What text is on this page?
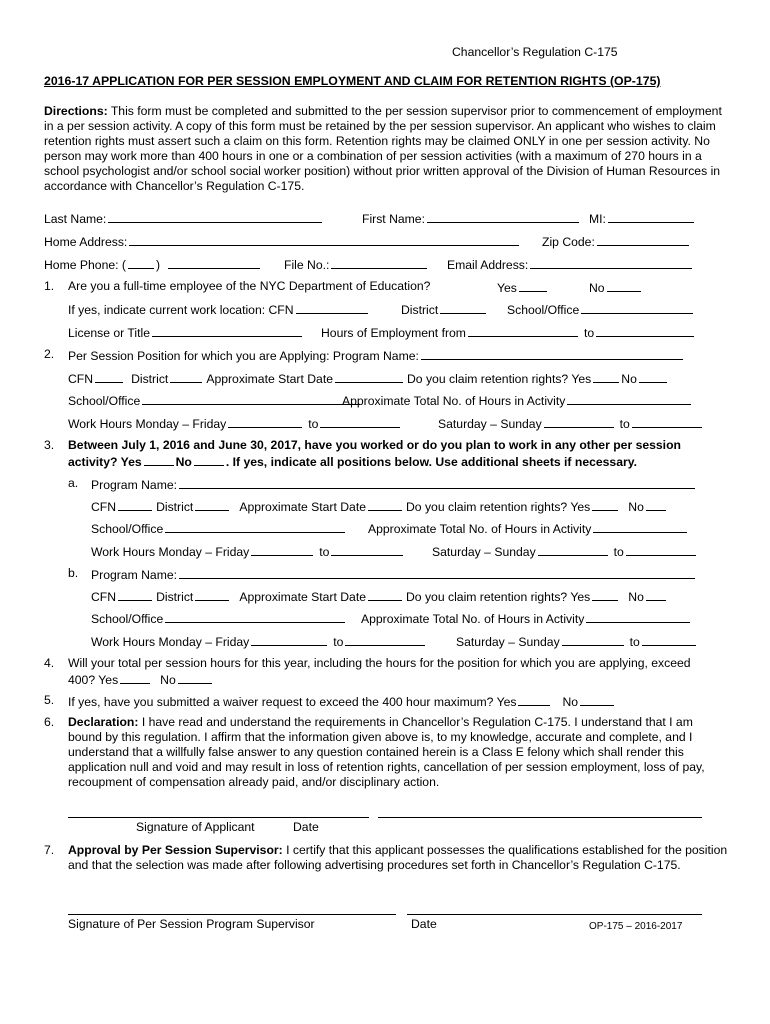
Chancellor’s Regulation C-175
2016-17 APPLICATION FOR PER SESSION EMPLOYMENT AND CLAIM FOR RETENTION RIGHTS (OP-175)
Directions: This form must be completed and submitted to the per session supervisor prior to commencement of employment in a per session activity. A copy of this form must be retained by the per session supervisor. An applicant who wishes to claim retention rights must assert such a claim on this form. Retention rights may be claimed ONLY in one per session activity. No person may work more than 400 hours in one or a combination of per session activities (with a maximum of 270 hours in a school psychologist and/or school social worker position) without prior written approval of the Division of Human Resources in accordance with Chancellor’s Regulation C-175.
Last Name:	First Name:	MI:
Home Address:	Zip Code:
Home Phone: ( )	File No.:	Email Address:
1. Are you a full-time employee of the NYC Department of Education?	Yes	No
If yes, indicate current work location: CFN	District	School/Office
License or Title	Hours of Employment from	to
2. Per Session Position for which you are Applying: Program Name:
CFN	District	Approximate Start Date	Do you claim retention rights? Yes No
School/Office	Approximate Total No. of Hours in Activity
Work Hours Monday – Friday	to	Saturday – Sunday	to
3. Between July 1, 2016 and June 30, 2017, have you worked or do you plan to work in any other per session
activity? Yes	No	. If yes, indicate all positions below. Use additional sheets if necessary.
a. Program Name:
CFN	District	Approximate Start Date	Do you claim retention rights? Yes	No
School/Office	Approximate Total No. of Hours in Activity
Work Hours Monday – Friday	to	Saturday – Sunday	to
b. Program Name:
CFN	District	Approximate Start Date	Do you claim retention rights? Yes	No
School/Office	Approximate Total No. of Hours in Activity
Work Hours Monday – Friday	to	Saturday – Sunday	to
4. Will your total per session hours for this year, including the hours for the position for which you are applying, exceed
400? Yes	No
5. If yes, have you submitted a waiver request to exceed the 400 hour maximum? Yes	No
6. Declaration: I have read and understand the requirements in Chancellor’s Regulation C-175. I understand that I am bound by this regulation. I affirm that the information given above is, to my knowledge, accurate and complete, and I understand that a willfully false answer to any question contained herein is a Class E felony which shall render this application null and void and may result in loss of retention rights, cancellation of per session employment, loss of pay, recoupment of compensation already paid, and/or disciplinary action.
Signature of Applicant	Date
7. Approval by Per Session Supervisor: I certify that this applicant possesses the qualifications established for the position and that the selection was made after following advertising procedures set forth in Chancellor’s Regulation C-175.
Signature of Per Session Program Supervisor	Date	OP-175 – 2016-2017
